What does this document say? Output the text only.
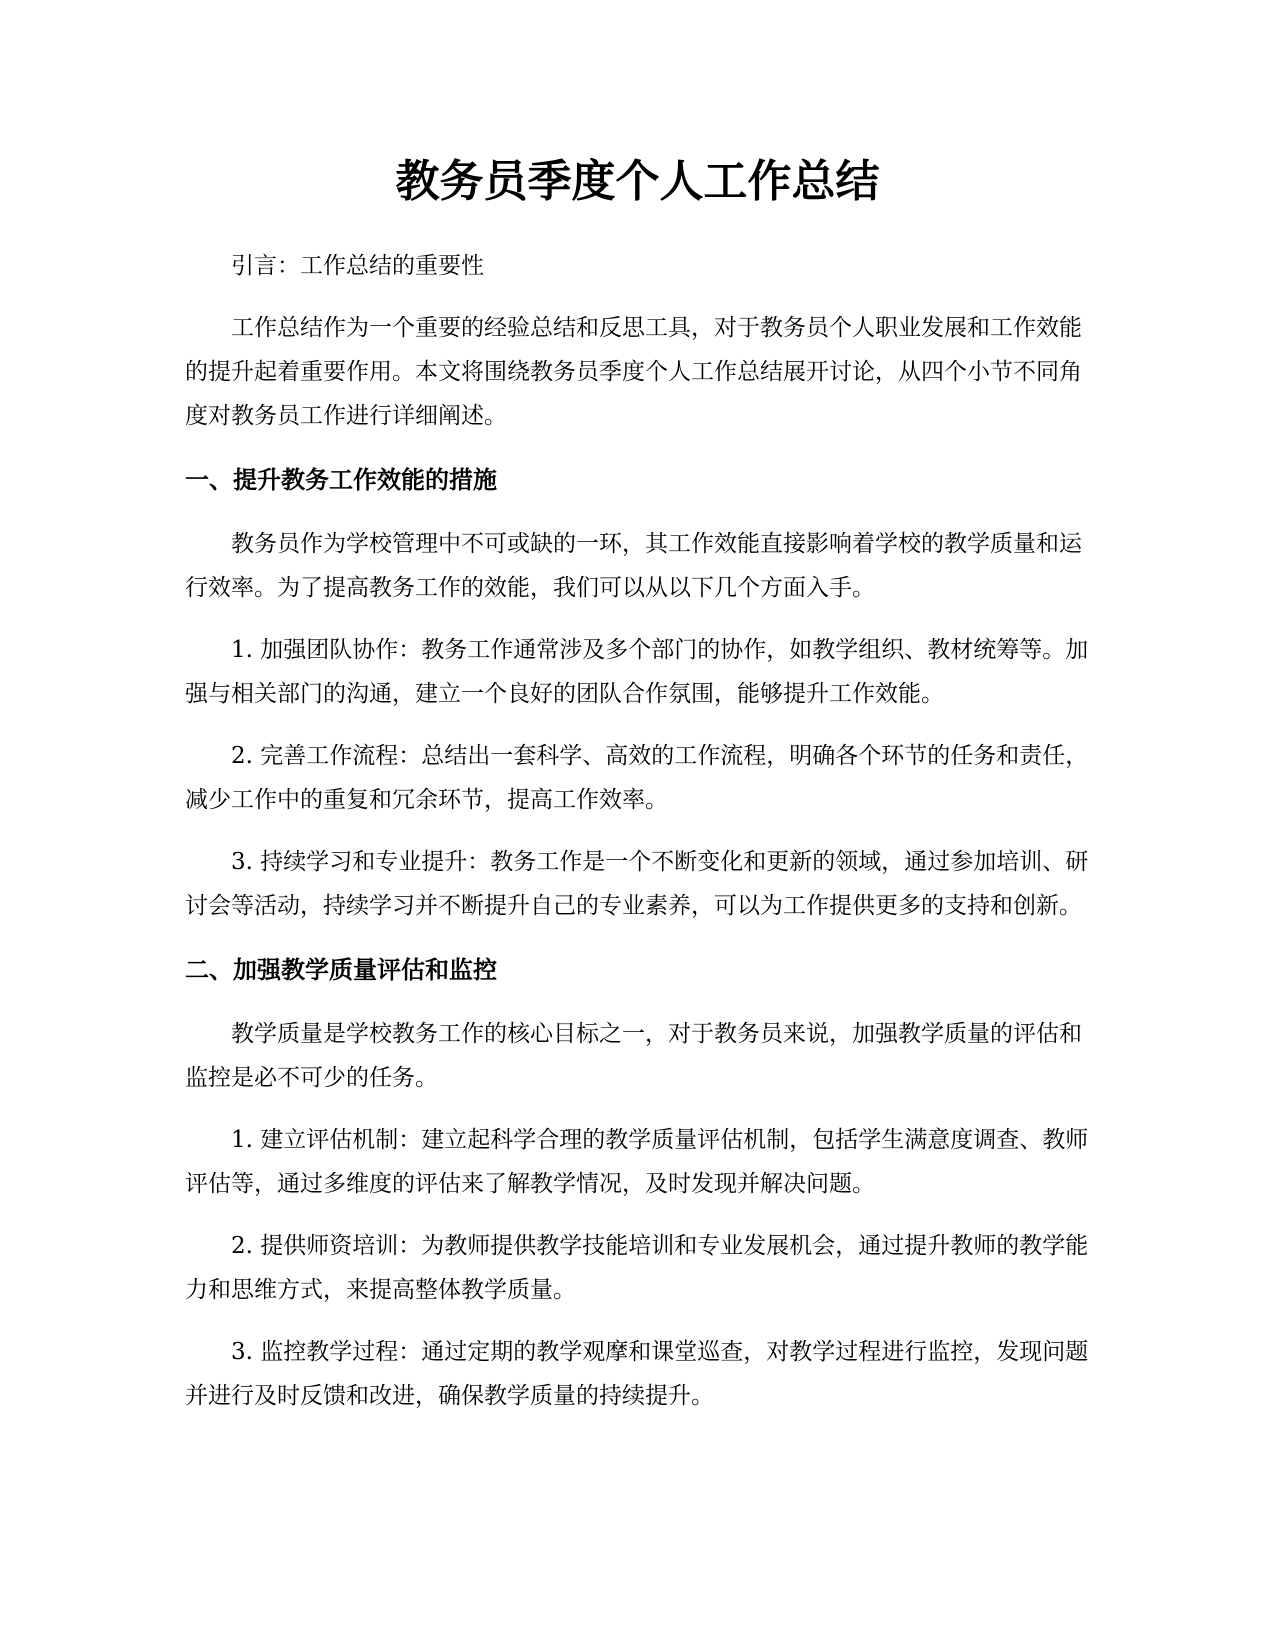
教务员季度个人工作总结

引言：工作总结的重要性

工作总结作为一个重要的经验总结和反思工具，对于教务员个人职业发展和工作效能的提升起着重要作用。本文将围绕教务员季度个人工作总结展开讨论，从四个小节不同角度对教务员工作进行详细阐述。

一、提升教务工作效能的措施

教务员作为学校管理中不可或缺的一环，其工作效能直接影响着学校的教学质量和运行效率。为了提高教务工作的效能，我们可以从以下几个方面入手。

1. 加强团队协作：教务工作通常涉及多个部门的协作，如教学组织、教材统筹等。加强与相关部门的沟通，建立一个良好的团队合作氛围，能够提升工作效能。

2. 完善工作流程：总结出一套科学、高效的工作流程，明确各个环节的任务和责任，减少工作中的重复和冗余环节，提高工作效率。

3. 持续学习和专业提升：教务工作是一个不断变化和更新的领域，通过参加培训、研讨会等活动，持续学习并不断提升自己的专业素养，可以为工作提供更多的支持和创新。

二、加强教学质量评估和监控

教学质量是学校教务工作的核心目标之一，对于教务员来说，加强教学质量的评估和监控是必不可少的任务。

1. 建立评估机制：建立起科学合理的教学质量评估机制，包括学生满意度调查、教师评估等，通过多维度的评估来了解教学情况，及时发现并解决问题。

2. 提供师资培训：为教师提供教学技能培训和专业发展机会，通过提升教师的教学能力和思维方式，来提高整体教学质量。

3. 监控教学过程：通过定期的教学观摩和课堂巡查，对教学过程进行监控，发现问题并进行及时反馈和改进，确保教学质量的持续提升。
